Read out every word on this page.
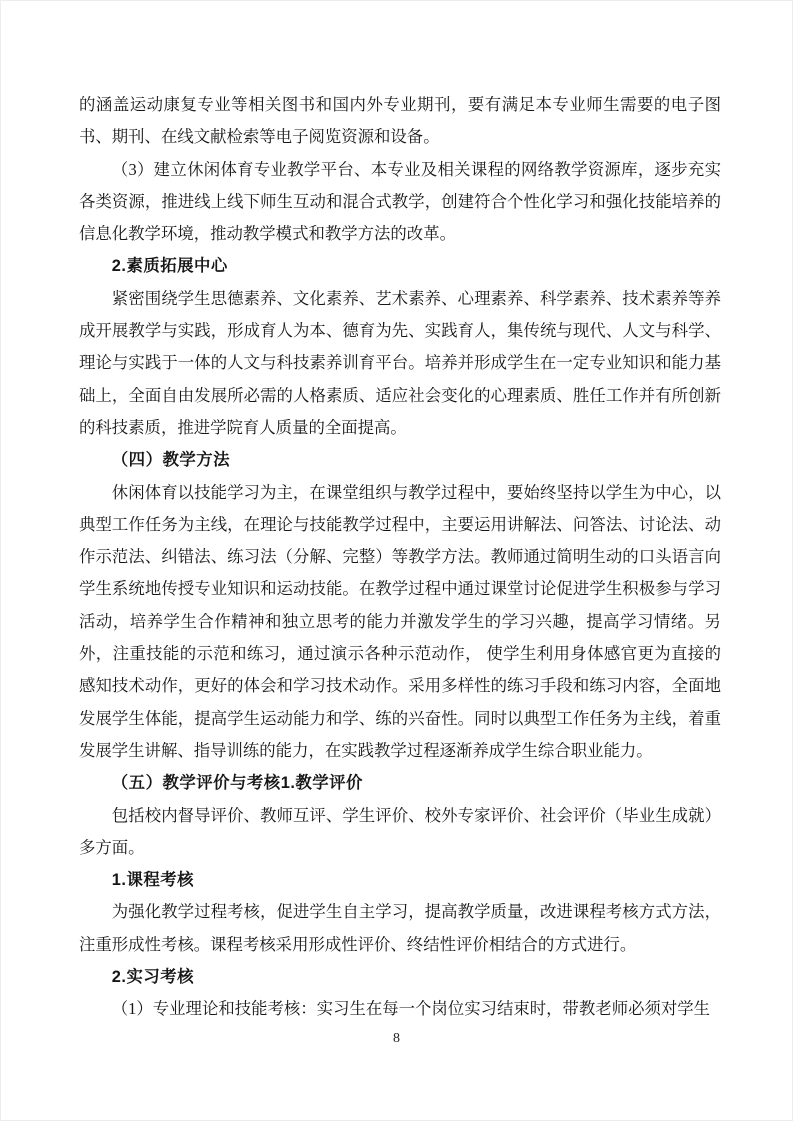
的涵盖运动康复专业等相关图书和国内外专业期刊，要有满足本专业师生需要的电子图书、期刊、在线文献检索等电子阅览资源和设备。

（3）建立休闲体育专业教学平台、本专业及相关课程的网络教学资源库，逐步充实各类资源，推进线上线下师生互动和混合式教学，创建符合个性化学习和强化技能培养的信息化教学环境，推动教学模式和教学方法的改革。

2.素质拓展中心

紧密围绕学生思德素养、文化素养、艺术素养、心理素养、科学素养、技术素养等养成开展教学与实践，形成育人为本、德育为先、实践育人，集传统与现代、人文与科学、理论与实践于一体的人文与科技素养训育平台。培养并形成学生在一定专业知识和能力基础上，全面自由发展所必需的人格素质、适应社会变化的心理素质、胜任工作并有所创新的科技素质，推进学院育人质量的全面提高。

（四）教学方法

休闲体育以技能学习为主，在课堂组织与教学过程中，要始终坚持以学生为中心，以典型工作任务为主线，在理论与技能教学过程中，主要运用讲解法、问答法、讨论法、动作示范法、纠错法、练习法（分解、完整）等教学方法。教师通过简明生动的口头语言向学生系统地传授专业知识和运动技能。在教学过程中通过课堂讨论促进学生积极参与学习活动，培养学生合作精神和独立思考的能力并激发学生的学习兴趣，提高学习情绪。另外，注重技能的示范和练习，通过演示各种示范动作， 使学生利用身体感官更为直接的感知技术动作，更好的体会和学习技术动作。采用多样性的练习手段和练习内容，全面地发展学生体能，提高学生运动能力和学、练的兴奋性。同时以典型工作任务为主线，着重发展学生讲解、指导训练的能力，在实践教学过程逐渐养成学生综合职业能力。

（五）教学评价与考核1.教学评价

包括校内督导评价、教师互评、学生评价、校外专家评价、社会评价（毕业生成就）多方面。

1.课程考核

为强化教学过程考核，促进学生自主学习，提高教学质量，改进课程考核方式方法，注重形成性考核。课程考核采用形成性评价、终结性评价相结合的方式进行。

2.实习考核

（1）专业理论和技能考核：实习生在每一个岗位实习结束时，带教老师必须对学生

8
